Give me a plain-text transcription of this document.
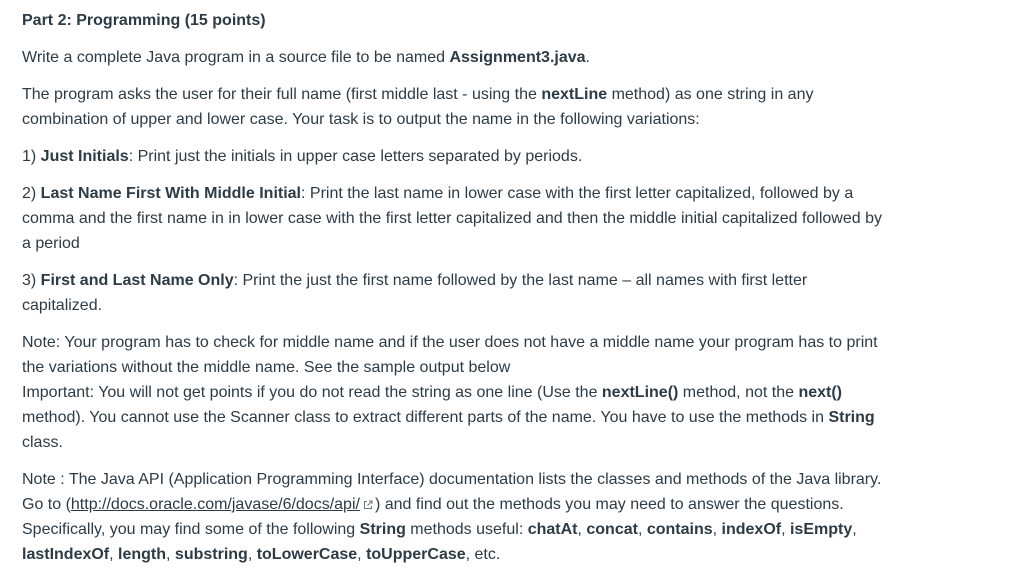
Part 2: Programming (15 points)

Write a complete Java program in a source file to be named Assignment3.java.

The program asks the user for their full name (first middle last - using the nextLine method) as one string in any combination of upper and lower case. Your task is to output the name in the following variations:

1) Just Initials: Print just the initials in upper case letters separated by periods.

2) Last Name First With Middle Initial: Print the last name in lower case with the first letter capitalized, followed by a comma and the first name in in lower case with the first letter capitalized and then the middle initial capitalized followed by a period

3) First and Last Name Only: Print the just the first name followed by the last name – all names with first letter capitalized.

Note: Your program has to check for middle name and if the user does not have a middle name your program has to print the variations without the middle name. See the sample output below
Important: You will not get points if you do not read the string as one line (Use the nextLine() method, not the next() method). You cannot use the Scanner class to extract different parts of the name. You have to use the methods in String class.

Note : The Java API (Application Programming Interface) documentation lists the classes and methods of the Java library. Go to (http://docs.oracle.com/javase/6/docs/api/ ) and find out the methods you may need to answer the questions. Specifically, you may find some of the following String methods useful: chatAt, concat, contains, indexOf, isEmpty, lastIndexOf, length, substring, toLowerCase, toUpperCase, etc.
